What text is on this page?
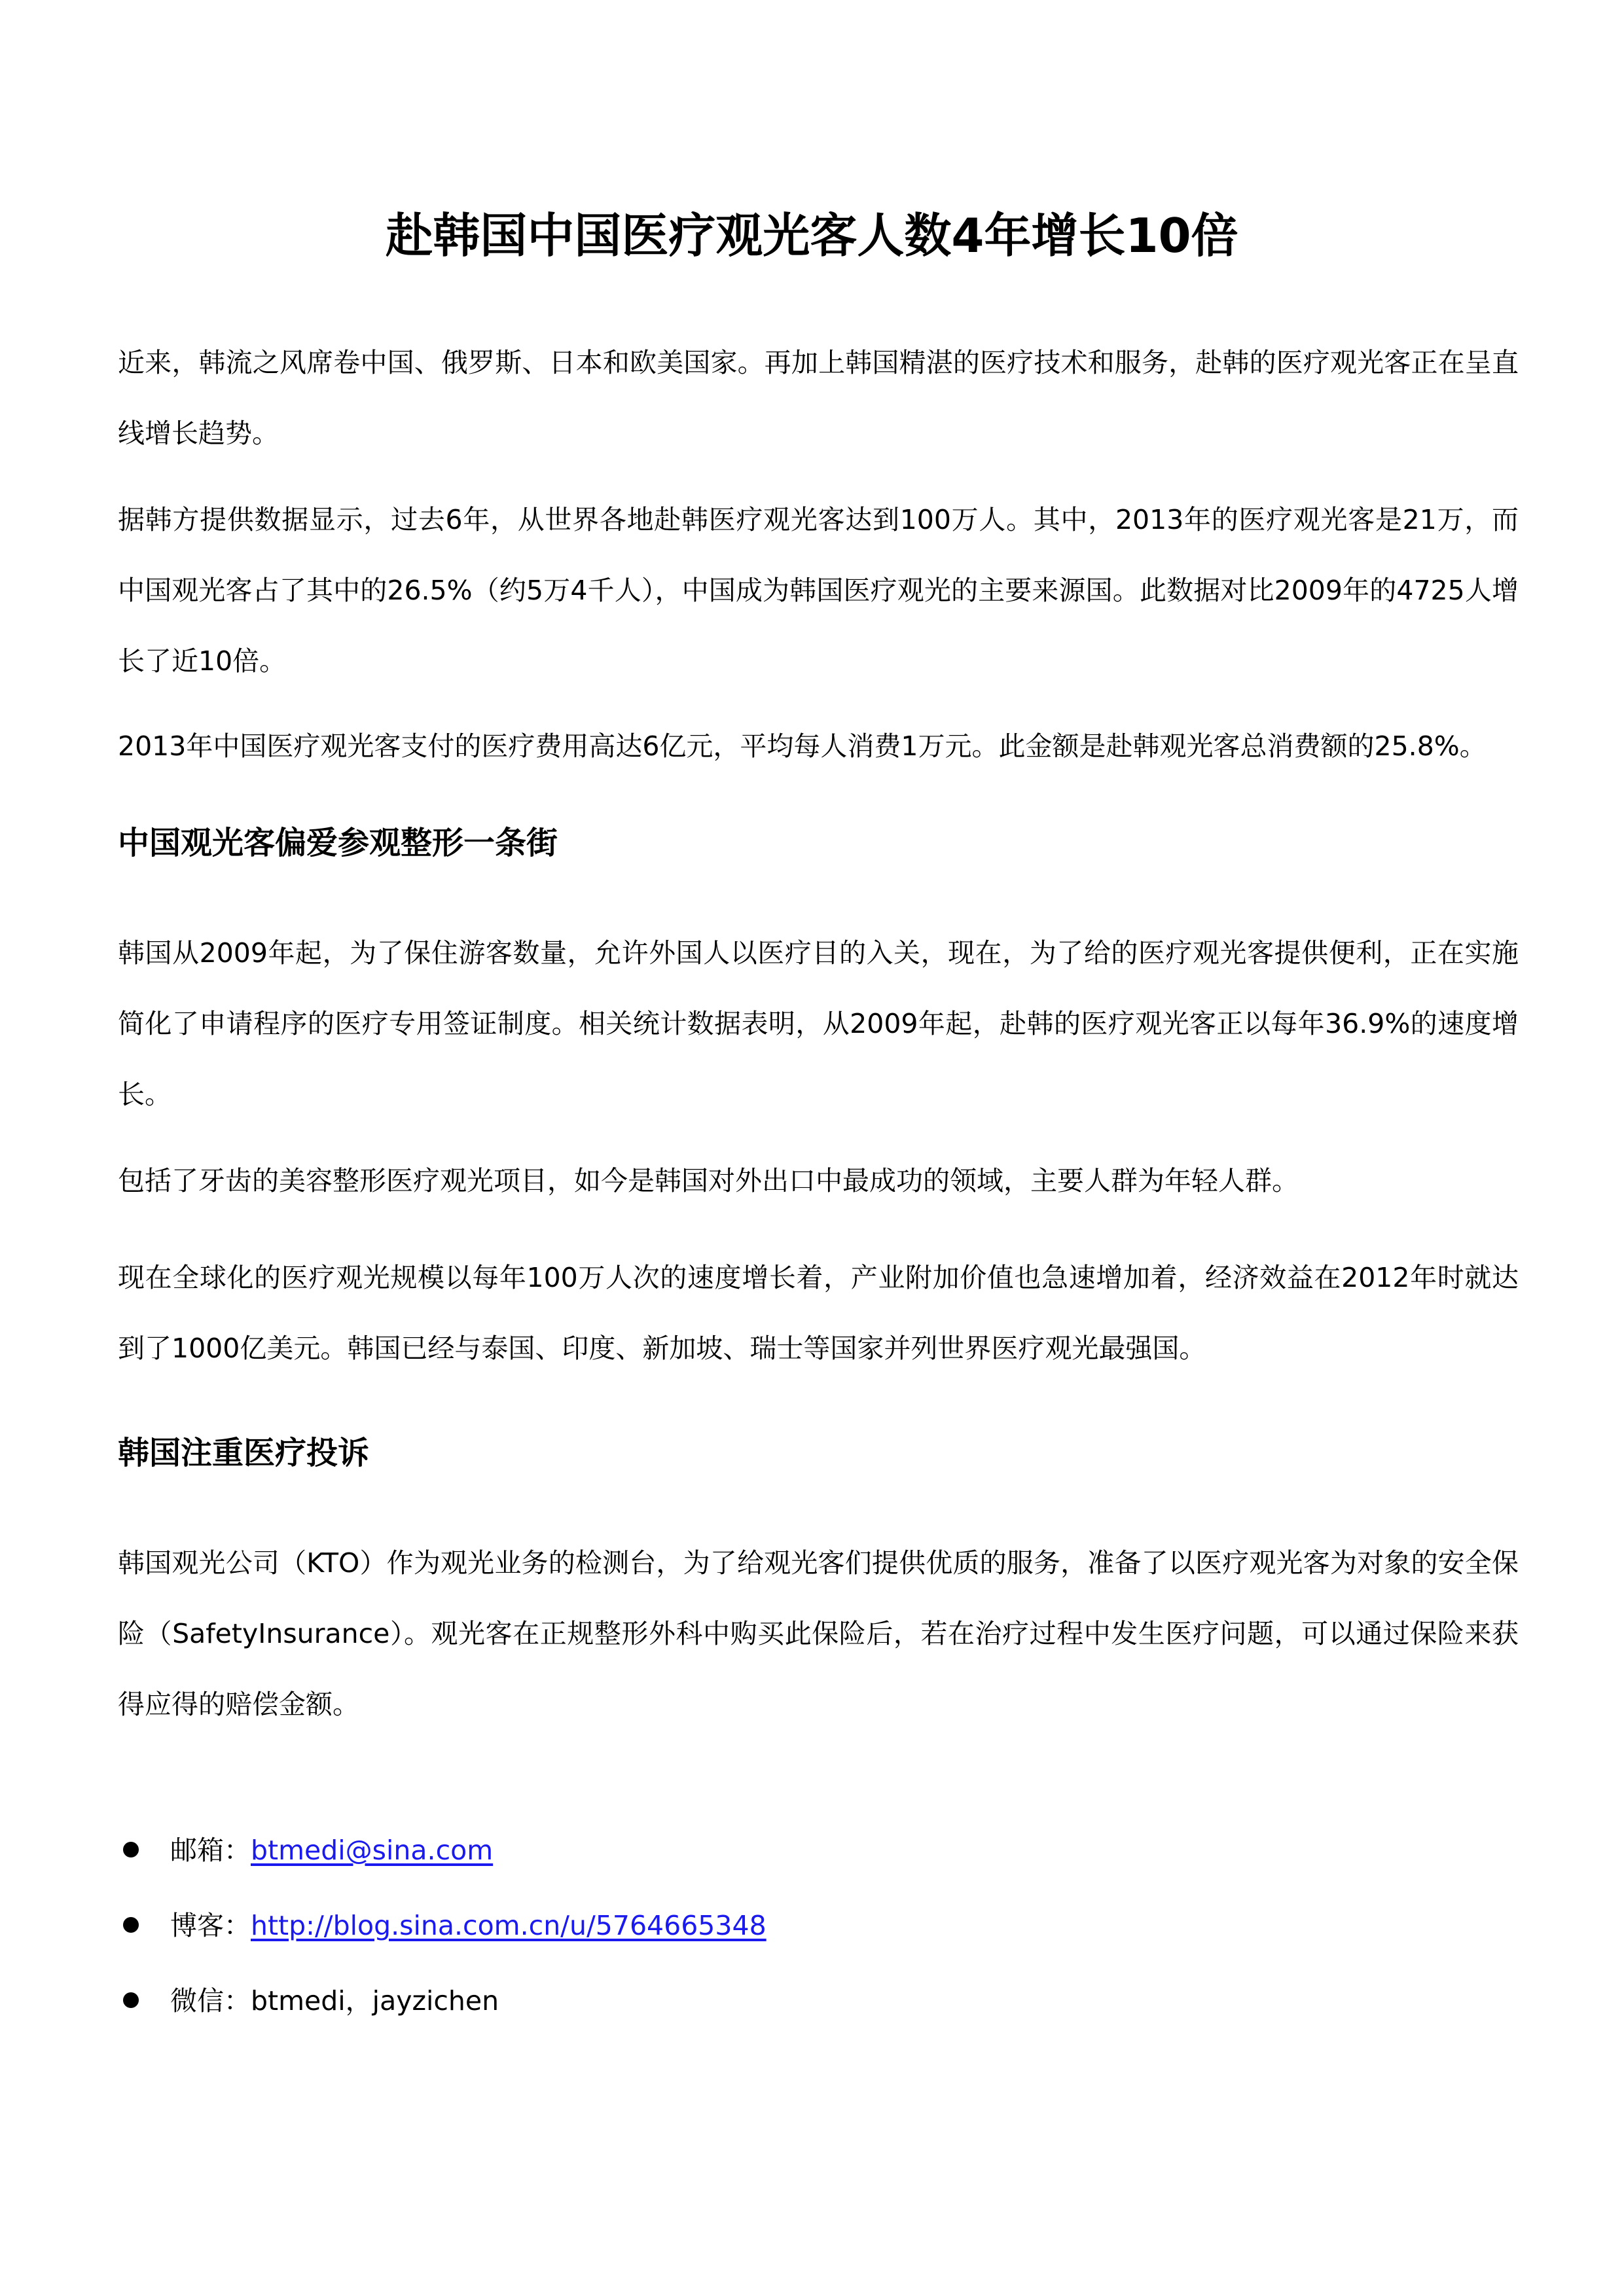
赴韩国中国医疗观光客人数4年增长10倍

近来，韩流之风席卷中国、俄罗斯、日本和欧美国家。再加上韩国精湛的医疗技术和服务，赴韩的医疗观光客正在呈直线增长趋势。

据韩方提供数据显示，过去6年，从世界各地赴韩医疗观光客达到100万人。其中，2013年的医疗观光客是21万，而中国观光客占了其中的26.5%（约5万4千人），中国成为韩国医疗观光的主要来源国。此数据对比2009年的4725人增长了近10倍。

2013年中国医疗观光客支付的医疗费用高达6亿元，平均每人消费1万元。此金额是赴韩观光客总消费额的25.8%。

中国观光客偏爱参观整形一条街

韩国从2009年起，为了保住游客数量，允许外国人以医疗目的入关，现在，为了给的医疗观光客提供便利，正在实施简化了申请程序的医疗专用签证制度。相关统计数据表明，从2009年起，赴韩的医疗观光客正以每年36.9%的速度增长。

包括了牙齿的美容整形医疗观光项目，如今是韩国对外出口中最成功的领域，主要人群为年轻人群。

现在全球化的医疗观光规模以每年100万人次的速度增长着，产业附加价值也急速增加着，经济效益在2012年时就达到了1000亿美元。韩国已经与泰国、印度、新加坡、瑞士等国家并列世界医疗观光最强国。

韩国注重医疗投诉

韩国观光公司（KTO）作为观光业务的检测台，为了给观光客们提供优质的服务，准备了以医疗观光客为对象的安全保险（SafetyInsurance）。观光客在正规整形外科中购买此保险后，若在治疗过程中发生医疗问题，可以通过保险来获得应得的赔偿金额。

邮箱：btmedi@sina.com
博客：http://blog.sina.com.cn/u/5764665348
微信：btmedi，jayzichen
